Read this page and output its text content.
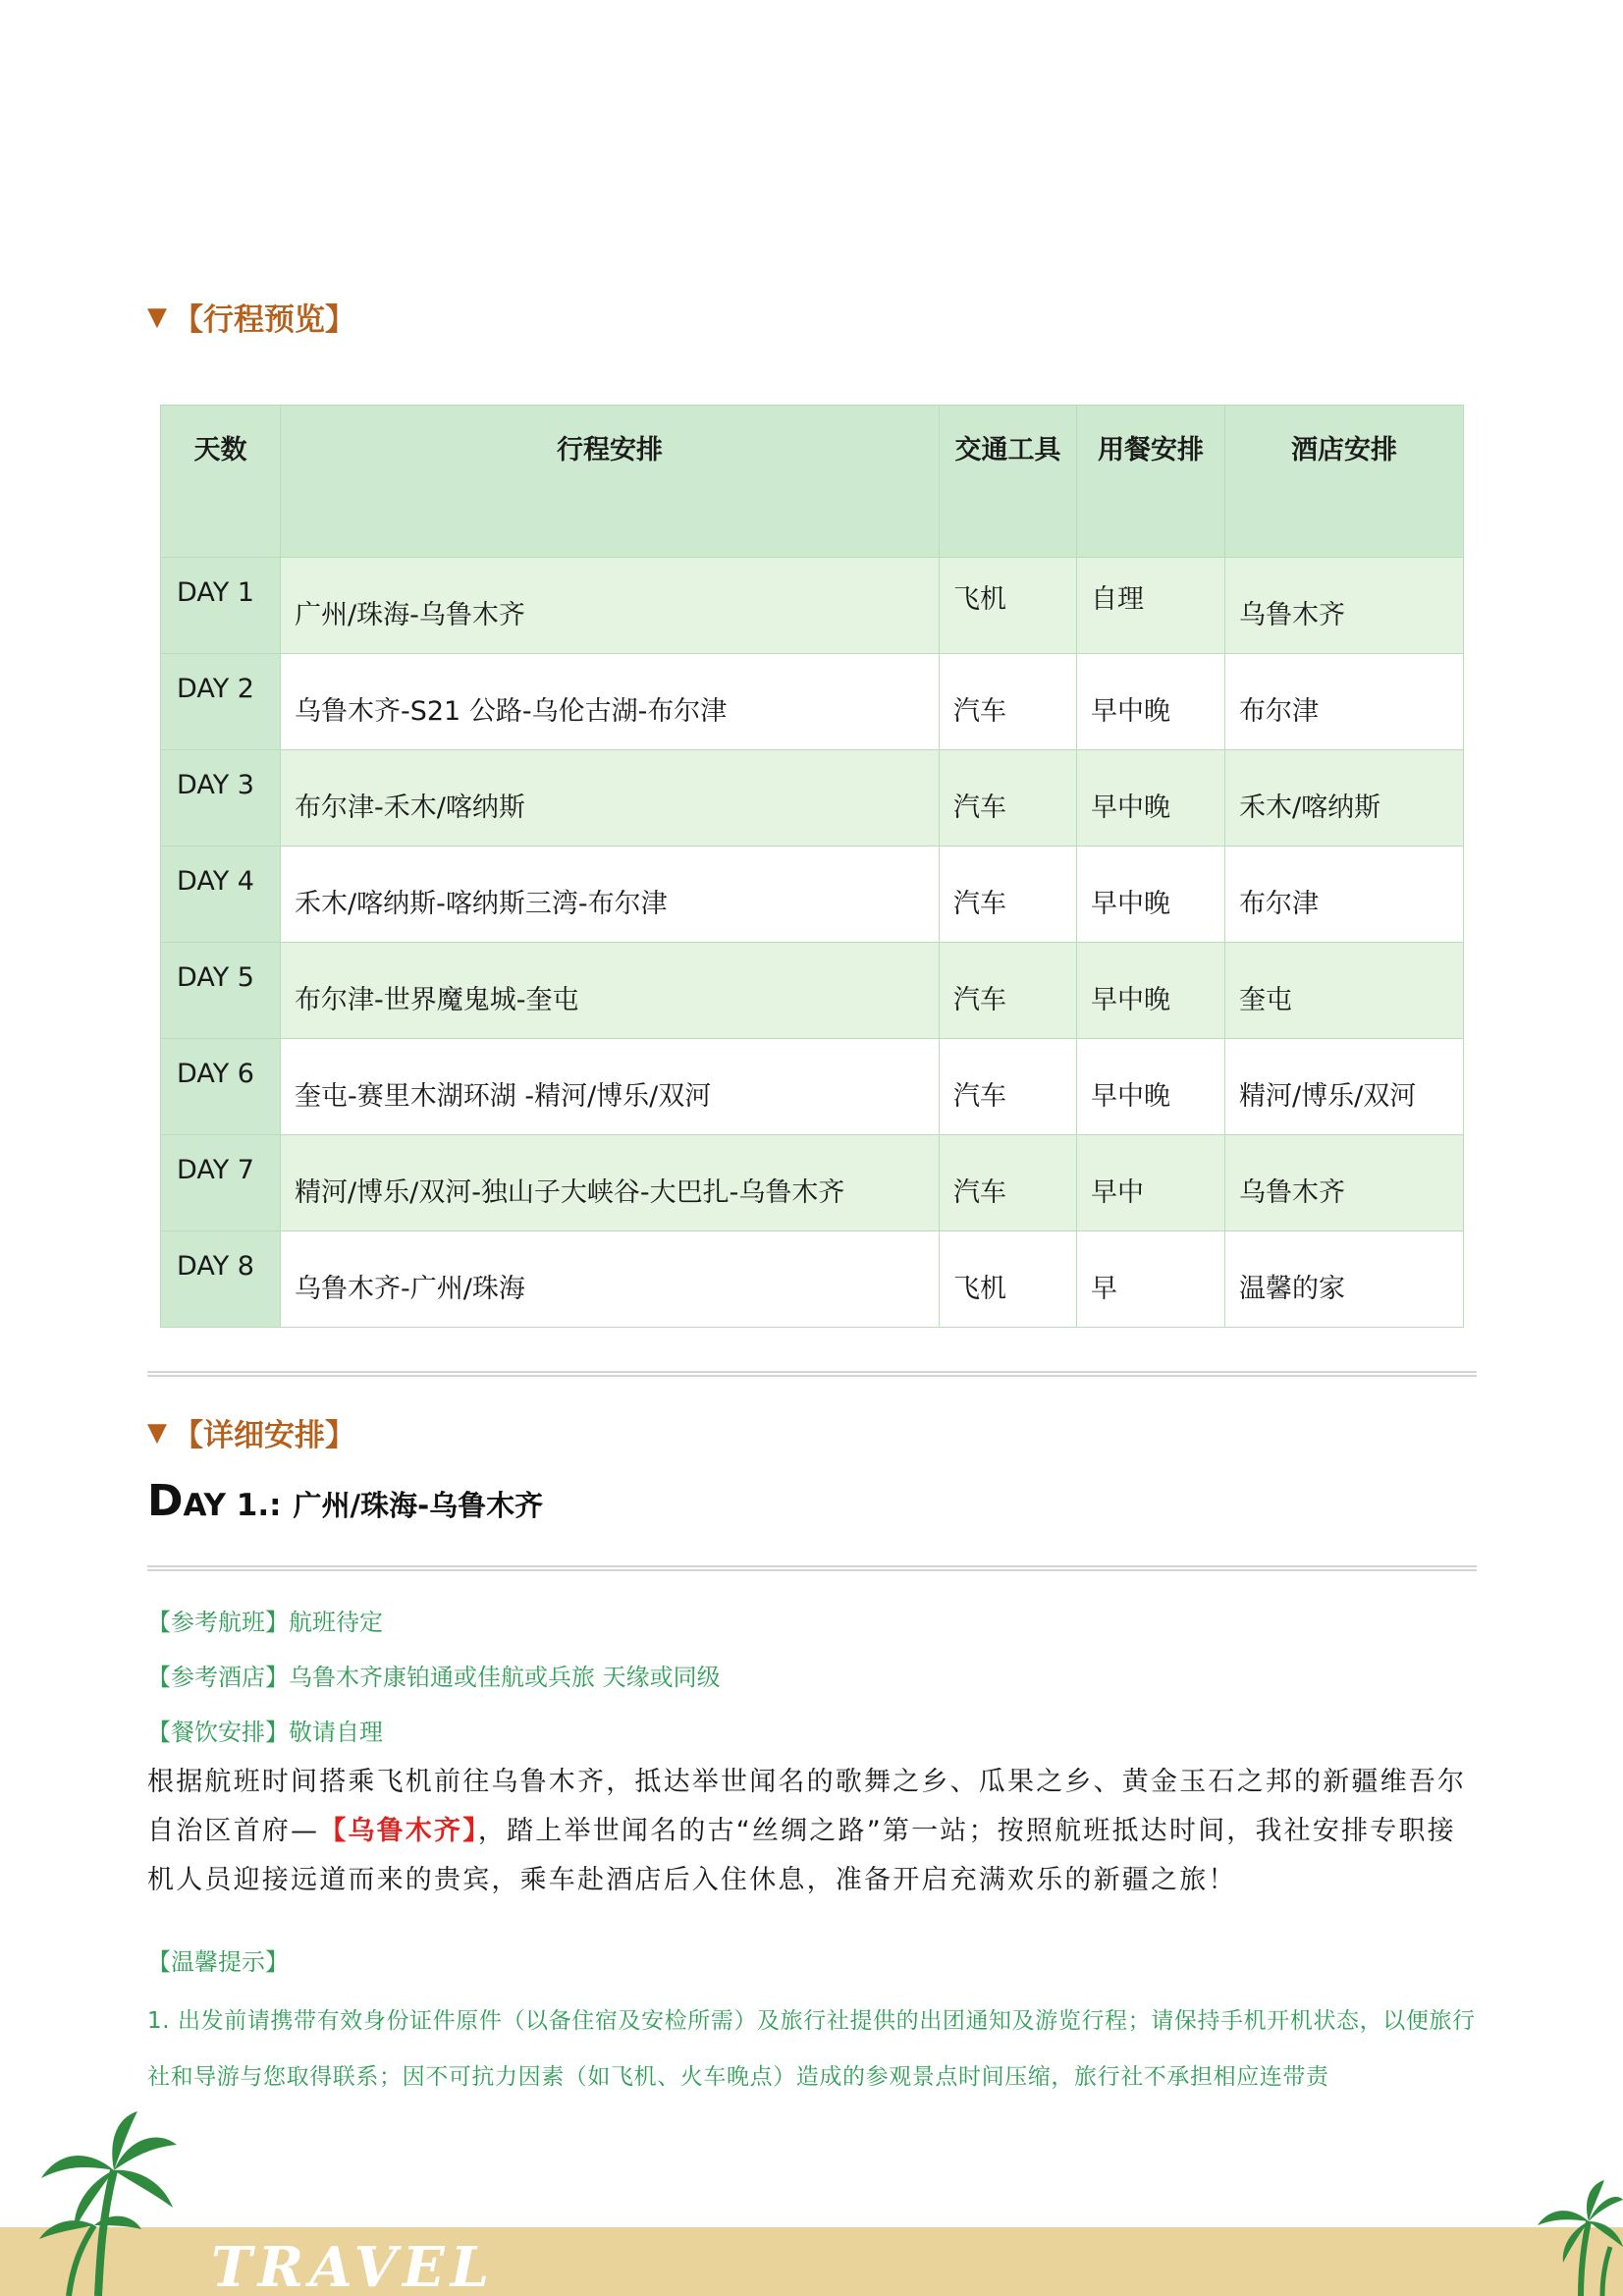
▼ 【行程预览】
天数	行程安排	交通工具	用餐安排	酒店安排
DAY 1	广州/珠海-乌鲁木齐	飞机	自理	乌鲁木齐
DAY 2	乌鲁木齐-S21 公路-乌伦古湖-布尔津	汽车	早中晚	布尔津
DAY 3	布尔津-禾木/喀纳斯	汽车	早中晚	禾木/喀纳斯
DAY 4	禾木/喀纳斯-喀纳斯三湾-布尔津	汽车	早中晚	布尔津
DAY 5	布尔津-世界魔鬼城-奎屯	汽车	早中晚	奎屯
DAY 6	奎屯-赛里木湖环湖 -精河/博乐/双河	汽车	早中晚	精河/博乐/双河
DAY 7	精河/博乐/双河-独山子大峡谷-大巴扎-乌鲁木齐	汽车	早中	乌鲁木齐
DAY 8	乌鲁木齐-广州/珠海	飞机	早	温馨的家
▼ 【详细安排】
D AY 1.: 广州/珠海-乌鲁木齐
【参考航班】航班待定
【参考酒店】乌鲁木齐康铂通或佳航或兵旅 天缘或同级
【餐饮安排】敬请自理
根据航班时间搭乘飞机前往乌鲁木齐，抵达举世闻名的歌舞之乡、瓜果之乡、黄金玉石之邦的新疆维吾尔自治区首府—【乌鲁木齐】，踏上举世闻名的古“丝绸之路”第一站；按照航班抵达时间，我社安排专职接机人员迎接远道而来的贵宾，乘车赴酒店后入住休息，准备开启充满欢乐的新疆之旅！
【温馨提示】
1. 出发前请携带有效身份证件原件（以备住宿及安检所需）及旅行社提供的出团通知及游览行程；请保持手机开机状态，以便旅行社和导游与您取得联系；因不可抗力因素（如飞机、火车晚点）造成的参观景点时间压缩，旅行社不承担相应连带责
TRAVEL
